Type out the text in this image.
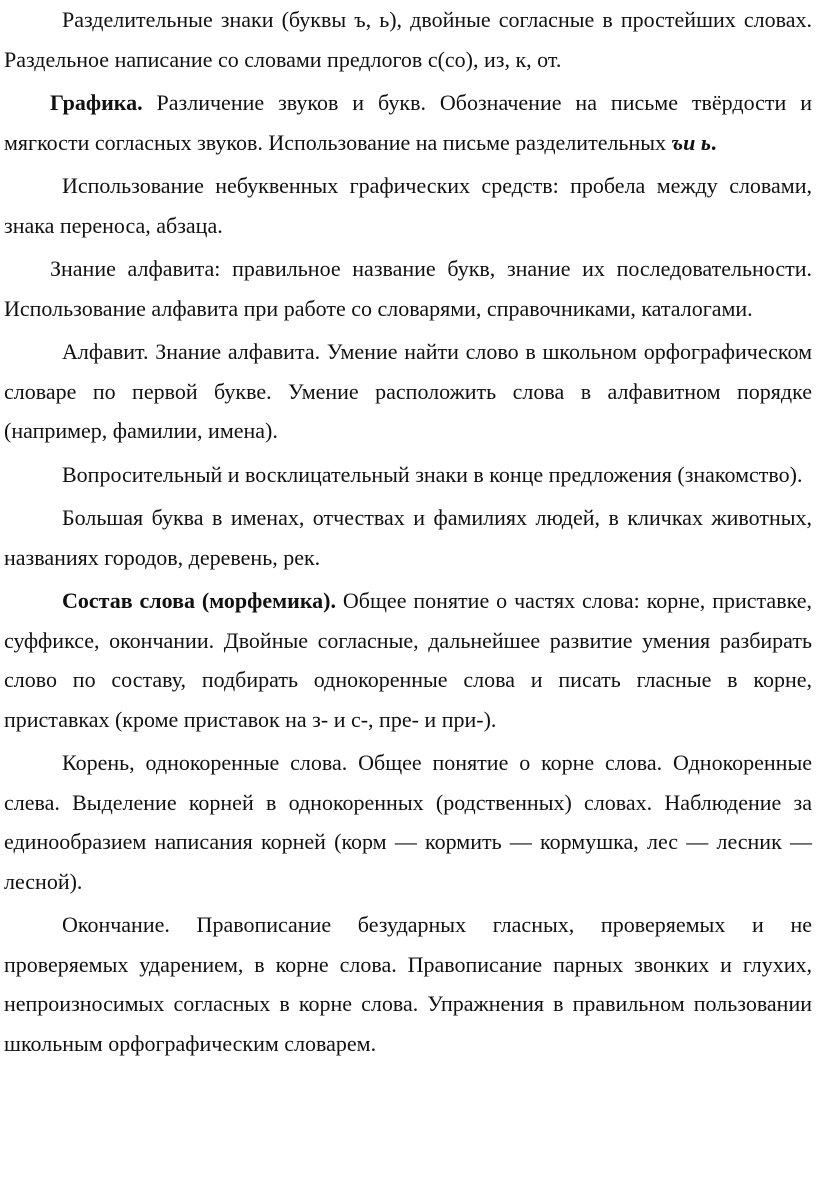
Разделительные знаки (буквы ъ, ь), двойные согласные в простейших словах. Раздельное написание со словами предлогов с(со), из, к, от.

Графика. Различение звуков и букв. Обозначение на письме твёрдости и мягкости согласных звуков. Использование на письме разделительных ъи ь.

Использование небуквенных графических средств: пробела между словами, знака переноса, абзаца.

Знание алфавита: правильное название букв, знание их последовательности. Использование алфавита при работе со словарями, справочниками, каталогами.

Алфавит. Знание алфавита. Умение найти слово в школьном орфографическом словаре по первой букве. Умение расположить слова в алфавитном порядке (например, фамилии, имена).

Вопросительный и восклицательный знаки в конце предложения (знакомство).

Большая буква в именах, отчествах и фамилиях людей, в кличках животных, названиях городов, деревень, рек.

Состав слова (морфемика). Общее понятие о частях слова: корне, приставке, суффиксе, окончании. Двойные согласные, дальнейшее развитие умения разбирать слово по составу, подбирать однокоренные слова и писать гласные в корне, приставках (кроме приставок на з- и с-, пре- и при-).

Корень, однокоренные слова. Общее понятие о корне слова. Однокоренные слева. Выделение корней в однокоренных (родственных) словах. Наблюдение за единообразием написания корней (корм — кормить — кормушка, лес — лесник — лесной).

Окончание. Правописание безударных гласных, проверяемых и не проверяемых ударением, в корне слова. Правописание парных звонких и глухих, непроизносимых согласных в корне слова. Упражнения в правильном пользовании школьным орфографическим словарем.
